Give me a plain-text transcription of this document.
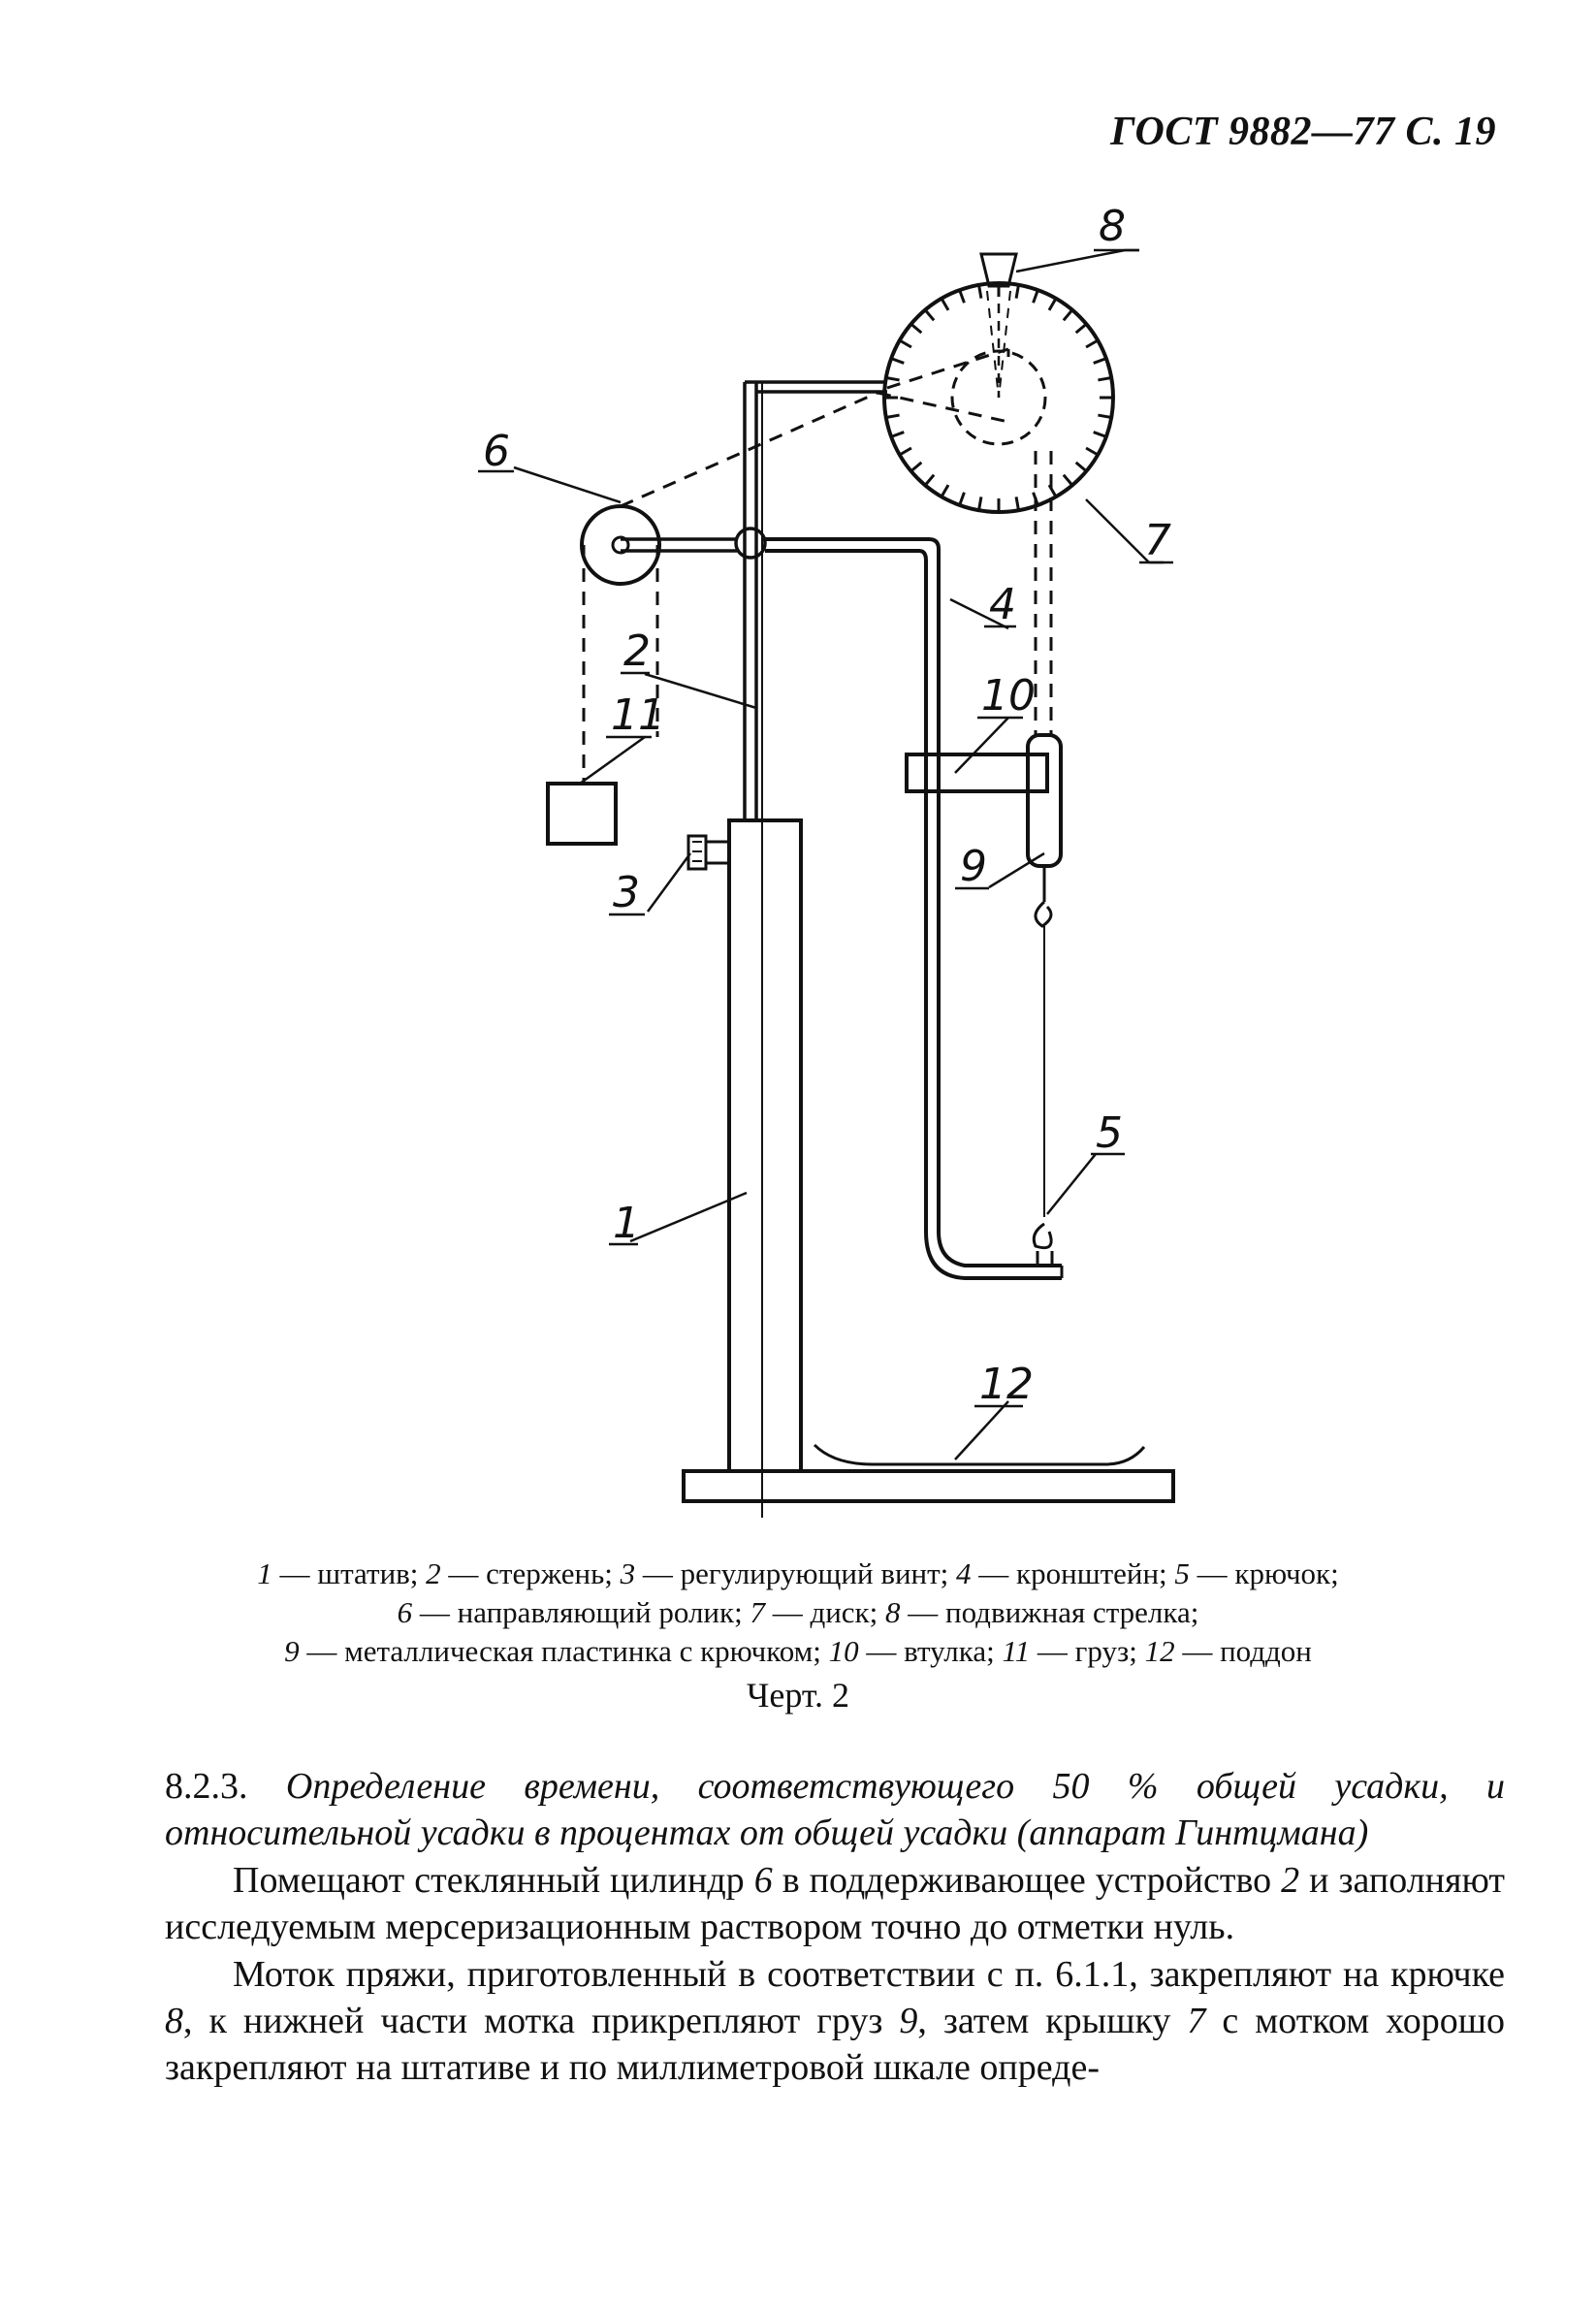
ГОСТ 9882—77 С. 19
8
7
6
4
2
11	10
9
3
5
1
12
1 — штатив; 2 — стержень; 3 — регулирующий винт; 4 — кронштейн; 5 — крючок;
6 — направляющий ролик; 7 — диск; 8 — подвижная стрелка;
9 — металлическая пластинка с крючком; 10 — втулка; 11 — груз; 12 — поддон
Черт. 2
8.2.3. Определение времени, соответствующего 50 % общей усадки, и относительной усадки в процентах от общей усадки (аппарат Гинтцмана)
Помещают стеклянный цилиндр 6 в поддерживающее устройство 2 и заполняют исследуемым мерсеризационным раствором точно до отметки нуль.
Моток пряжи, приготовленный в соответствии с п. 6.1.1, закрепляют на крючке 8, к нижней части мотка прикрепляют груз 9, затем крышку 7 с мотком хорошо закрепляют на штативе и по миллиметровой шкале опреде-
